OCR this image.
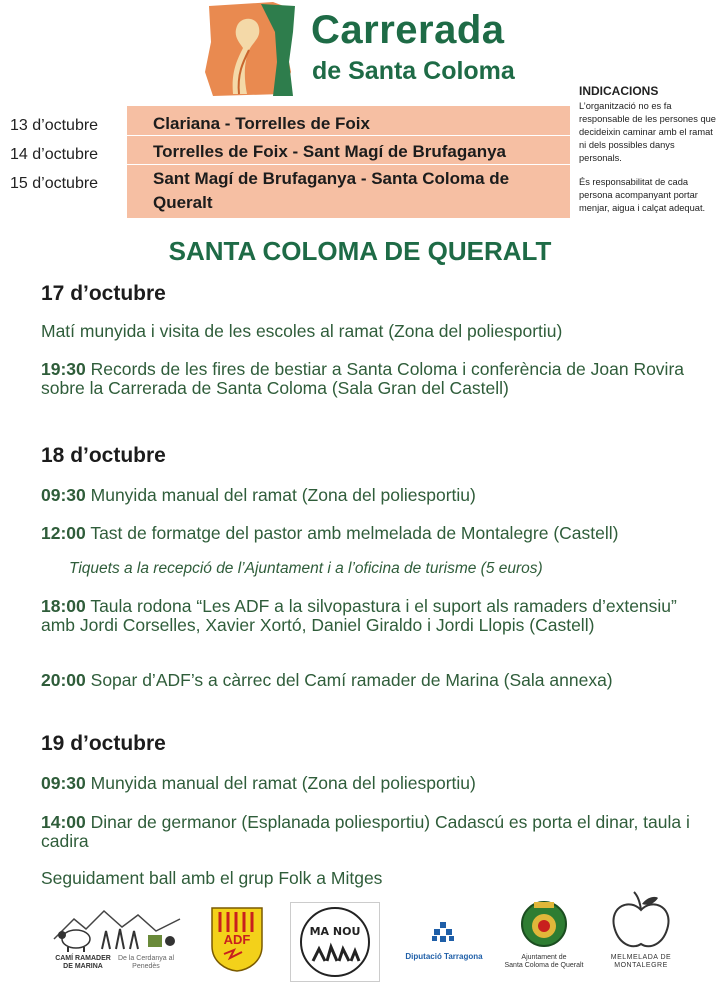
Carrerada
de Santa Coloma
13 d’octubre
14 d’octubre
15 d’octubre
Clariana - Torrelles de Foix
Torrelles de Foix - Sant Magí de Brufaganya
Sant Magí de Brufaganya - Santa Coloma de Queralt
INDICACIONS

L’organització no es fa responsable de les persones que decideixin caminar amb el ramat ni dels possibles danys personals.

És responsabilitat de cada persona acompanyant portar menjar, aigua i calçat adequat.

SANTA COLOMA DE QUERALT
17 d’octubre
Matí munyida i visita de les escoles al ramat (Zona del poliesportiu)
19:30 Records de les fires de bestiar a Santa Coloma i conferència de Joan Rovira sobre la Carrerada de Santa Coloma (Sala Gran del Castell)
18 d’octubre
09:30 Munyida manual del ramat (Zona del poliesportiu)
12:00 Tast de formatge del pastor amb melmelada de Montalegre (Castell)
Tiquets a la recepció de l’Ajuntament i a l’oficina de turisme (5 euros)
18:00 Taula rodona “Les ADF a la silvopastura i el suport als ramaders d’extensiu” amb Jordi Corselles, Xavier Xortó, Daniel Giraldo i Jordi Llopis (Castell)
20:00 Sopar d’ADF’s a càrrec del Camí ramader de Marina (Sala annexa)
19 d’octubre
09:30 Munyida manual del ramat (Zona del poliesportiu)
14:00 Dinar de germanor (Esplanada poliesportiu) Cadascú es porta el dinar, taula i cadira
Seguidament ball amb el grup Folk a Mitges
CAMÍ RAMADER DE MARINA
De la Cerdanya al Penedès
ADF
MA NOU
Diputació Tarragona	Ajuntament de
Santa Coloma de Queralt
MELMELADA DE
MONTALEGRE
